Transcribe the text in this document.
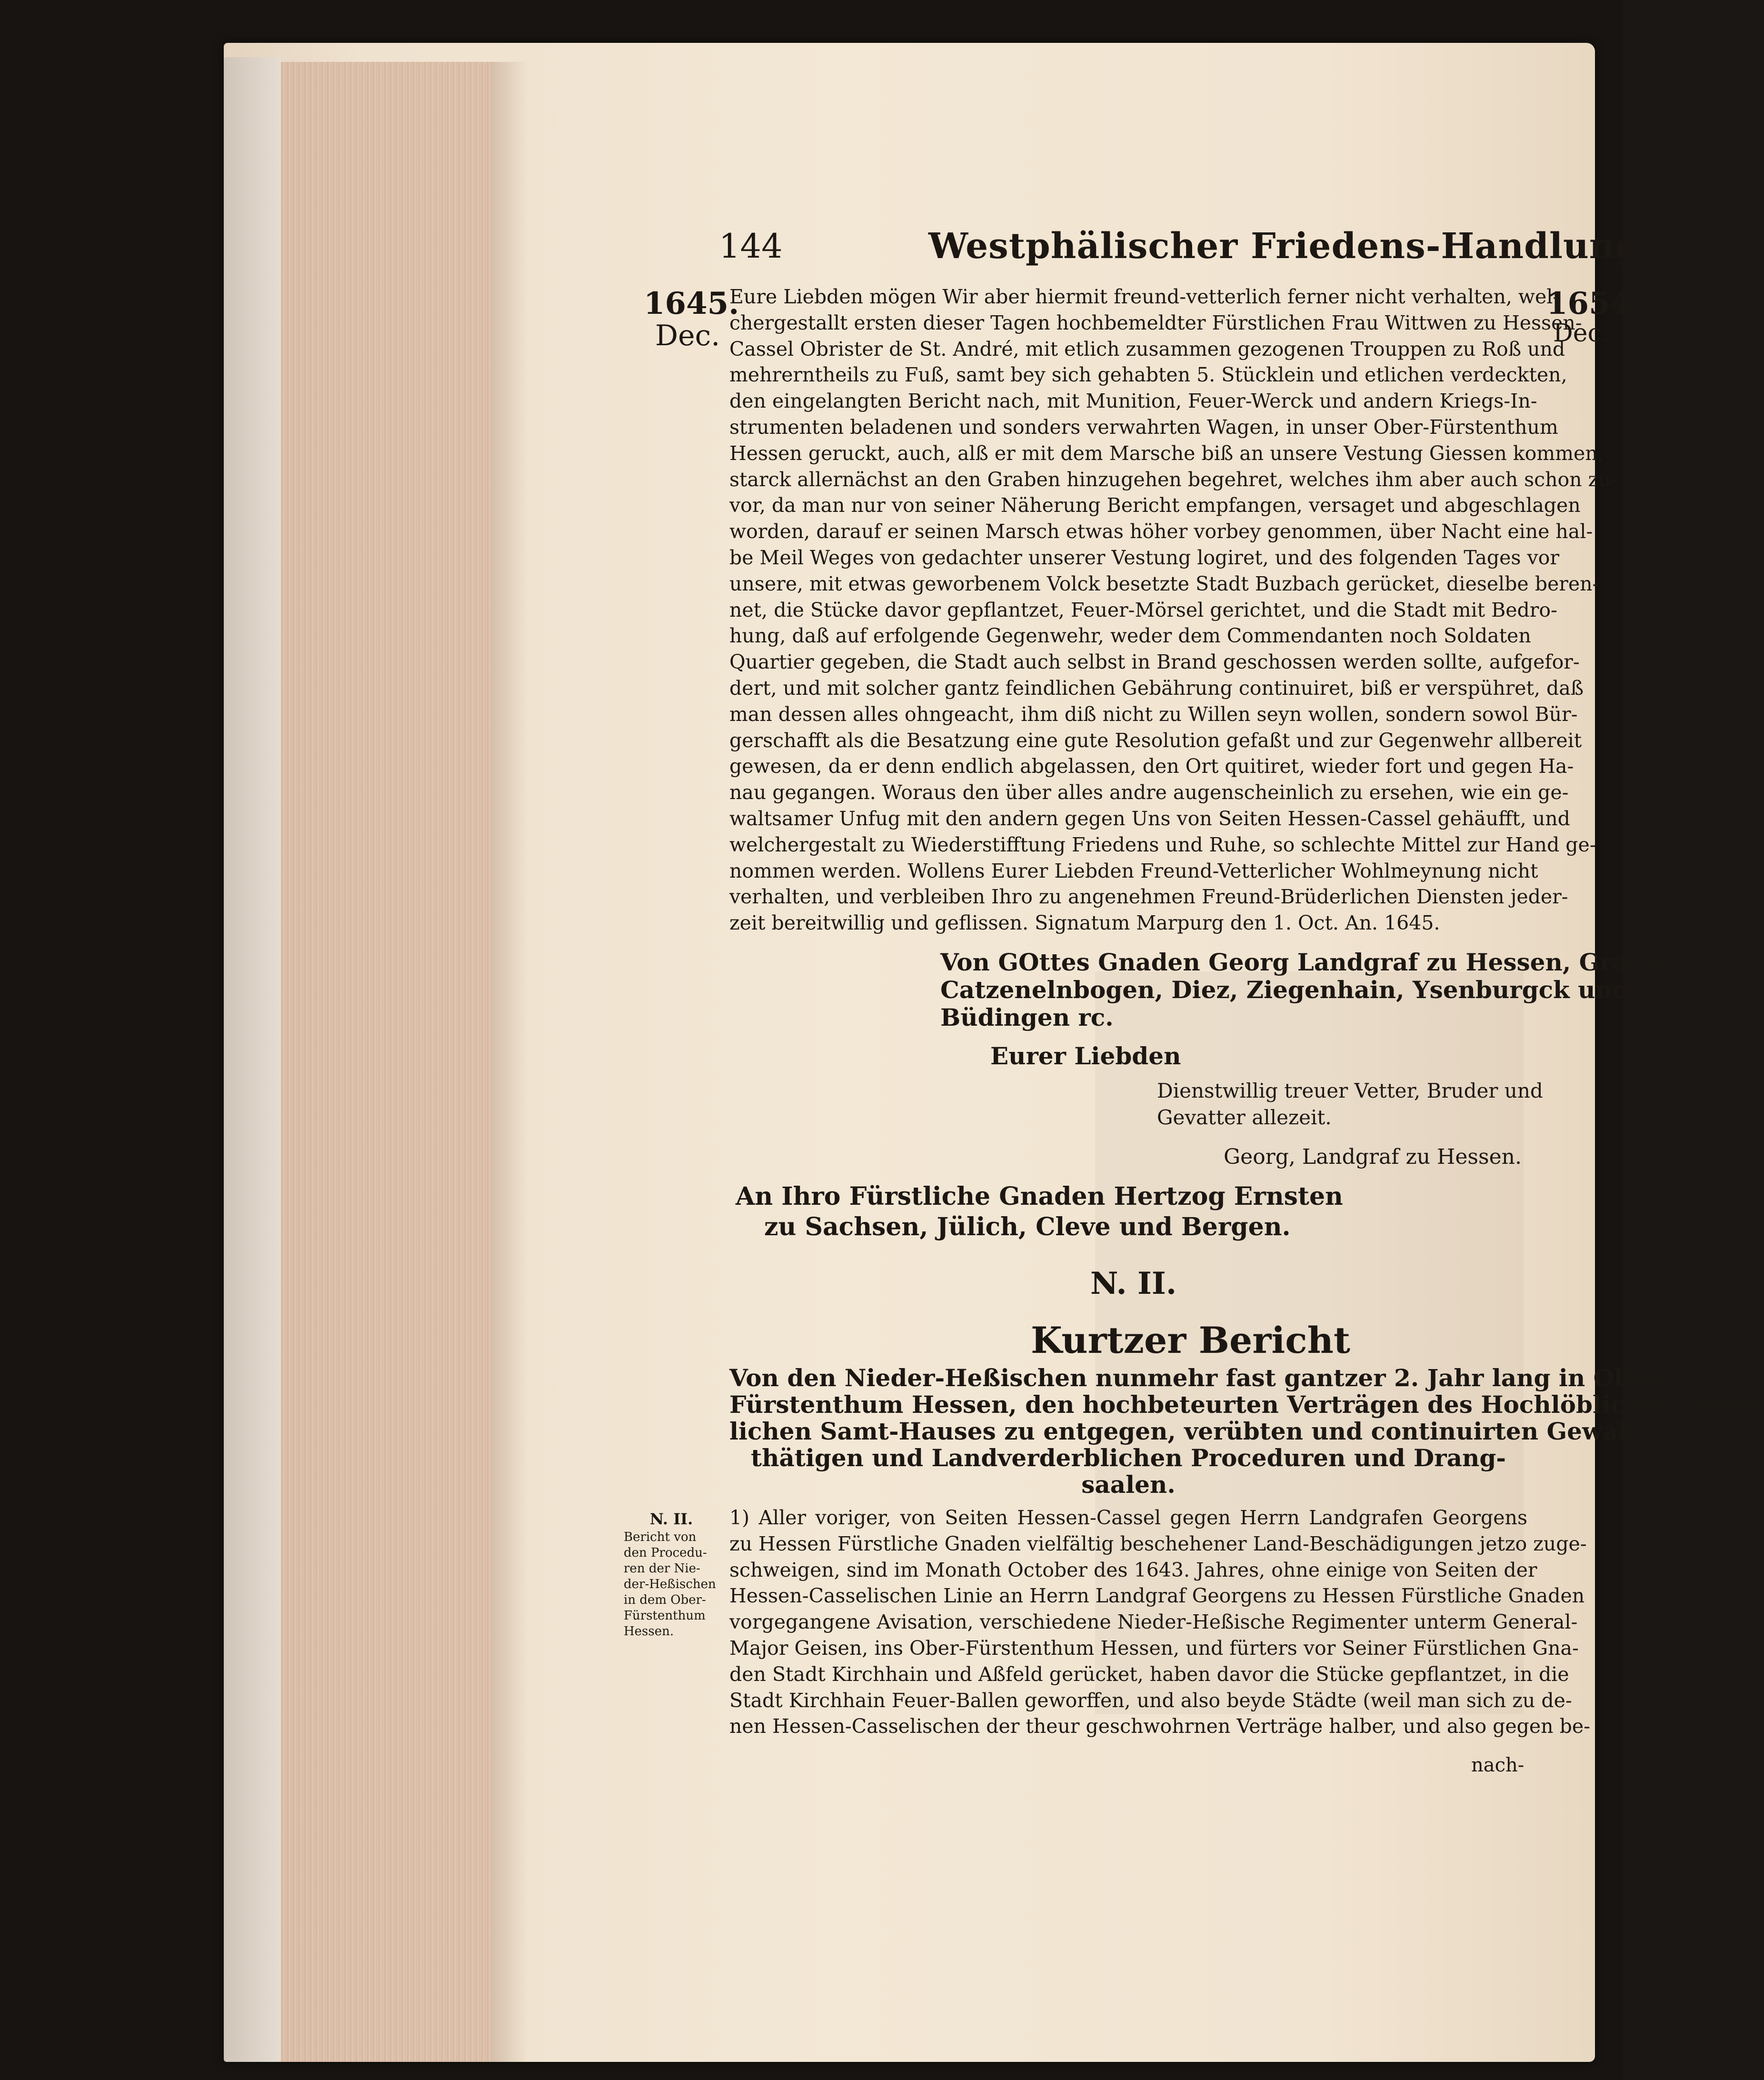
144	Westphälischer Friedens-Handlung
1645.
Dec.
1654.
Dec.
Eure Liebden mögen Wir aber hiermit freund-vetterlich ferner nicht verhalten, wel-
chergestallt ersten dieser Tagen hochbemeldter Fürstlichen Frau Wittwen zu Hessen-
Cassel Obrister de St. André, mit etlich zusammen gezogenen Trouppen zu Roß und
mehrerntheils zu Fuß, samt bey sich gehabten 5. Stücklein und etlichen verdeckten,
den eingelangten Bericht nach, mit Munition, Feuer-Werck und andern Kriegs-In-
strumenten beladenen und sonders verwahrten Wagen, in unser Ober-Fürstenthum
Hessen geruckt, auch, alß er mit dem Marsche biß an unsere Vestung Giessen kommen,
starck allernächst an den Graben hinzugehen begehret, welches ihm aber auch schon zu-
vor, da man nur von seiner Näherung Bericht empfangen, versaget und abgeschlagen
worden, darauf er seinen Marsch etwas höher vorbey genommen, über Nacht eine hal-
be Meil Weges von gedachter unserer Vestung logiret, und des folgenden Tages vor
unsere, mit etwas geworbenem Volck besetzte Stadt Buzbach gerücket, dieselbe beren-
net, die Stücke davor gepflantzet, Feuer-Mörsel gerichtet, und die Stadt mit Bedro-
hung, daß auf erfolgende Gegenwehr, weder dem Commendanten noch Soldaten
Quartier gegeben, die Stadt auch selbst in Brand geschossen werden sollte, aufgefor-
dert, und mit solcher gantz feindlichen Gebährung continuiret, biß er verspühret, daß
man dessen alles ohngeacht, ihm diß nicht zu Willen seyn wollen, sondern sowol Bür-
gerschafft als die Besatzung eine gute Resolution gefaßt und zur Gegenwehr allbereit
gewesen, da er denn endlich abgelassen, den Ort quitiret, wieder fort und gegen Ha-
nau gegangen. Woraus den über alles andre augenscheinlich zu ersehen, wie ein ge-
waltsamer Unfug mit den andern gegen Uns von Seiten Hessen-Cassel gehäufft, und
welchergestalt zu Wiederstifftung Friedens und Ruhe, so schlechte Mittel zur Hand ge-
nommen werden. Wollens Eurer Liebden Freund-Vetterlicher Wohlmeynung nicht
verhalten, und verbleiben Ihro zu angenehmen Freund-Brüderlichen Diensten jeder-
zeit bereitwillig und geflissen. Signatum Marpurg den 1. Oct. An. 1645.
Von GOttes Gnaden Georg Landgraf zu Hessen, Graf zu
Catzenelnbogen, Diez, Ziegenhain, Ysenburgck und
Büdingen rc.
Eurer Liebden
Dienstwillig treuer Vetter, Bruder und
Gevatter allezeit.
Georg, Landgraf zu Hessen.
An Ihro Fürstliche Gnaden Hertzog Ernsten
zu Sachsen, Jülich, Cleve und Bergen.
N. II.
Kurtzer Bericht
Von den Nieder-Heßischen nunmehr fast gantzer 2. Jahr lang in Ober-
Fürstenthum Hessen, den hochbeteurten Verträgen des Hochlöblichen Fürst-
lichen Samt-Hauses zu entgegen, verübten und continuirten Gewalt-
thätigen und Landverderblichen Proceduren und Drang-
saalen.
N. II.
Bericht von
den Procedu-
ren der Nie-
der-Heßischen
in dem Ober-
Fürstenthum
Hessen.
1) Aller voriger, von Seiten Hessen-Cassel gegen Herrn Landgrafen Georgens
zu Hessen Fürstliche Gnaden vielfältig beschehener Land-Beschädigungen jetzo zuge-
schweigen, sind im Monath October des 1643. Jahres, ohne einige von Seiten der
Hessen-Casselischen Linie an Herrn Landgraf Georgens zu Hessen Fürstliche Gnaden
vorgegangene Avisation, verschiedene Nieder-Heßische Regimenter unterm General-
Major Geisen, ins Ober-Fürstenthum Hessen, und fürters vor Seiner Fürstlichen Gna-
den Stadt Kirchhain und Aßfeld gerücket, haben davor die Stücke gepflantzet, in die
Stadt Kirchhain Feuer-Ballen geworffen, und also beyde Städte (weil man sich zu de-
nen Hessen-Casselischen der theur geschwohrnen Verträge halber, und also gegen be-
nach-
